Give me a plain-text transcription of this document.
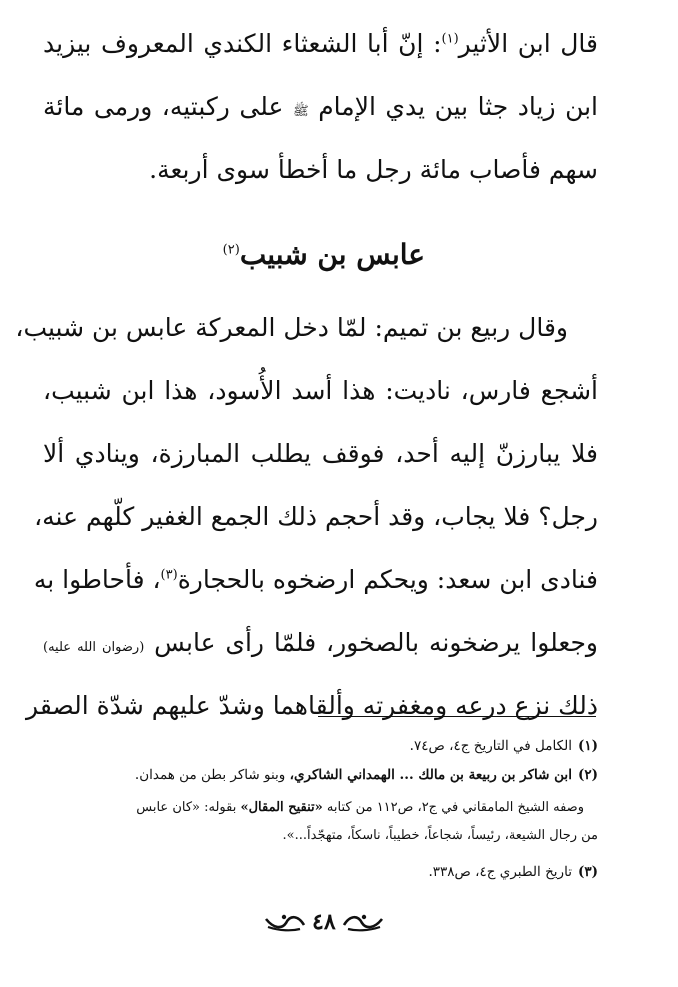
قال ابن الأثير$^{(١)}$: إنّ أبا الشعثاء الكندي المعروف بيزيد
ابن زياد جثا بين يدي الإمام ﷺ على ركبتيه، ورمى مائة
سهم فأصاب مائة رجل ما أخطأ سوى أربعة.
عابس بن شبيب$^{(٢)}$
وقال ربيع بن تميم: لمّا دخل المعركة عابس بن شبيب،
أشجع فارس، ناديت: هذا أسد الأُسود، هذا ابن شبيب،
فلا يبارزنّ إليه أحد، فوقف يطلب المبارزة، وينادي ألا
رجل؟ فلا يجاب، وقد أحجم ذلك الجمع الغفير كلّهم عنه،
فنادى ابن سعد: ويحكم ارضخوه بالحجارة$^{(٣)}$، فأحاطوا به
وجعلوا يرضخونه بالصخور، فلمّا رأى عابس (رضوان الله عليه)
ذلك نزع درعه ومغفرته وألقاهما وشدّ عليهم شدّة الصقر
(١)الكامل في التاريخ ج٤، ص٧٤.
(٢)ابن شاكر بن ربيعة بن مالك ... الهمداني الشاكري، وبنو شاكر بطن من همدان.
وصفه الشيخ المامقاني في ج٢، ص١١٢ من كتابه «تنقيح المقال» بقوله: «كان عابس
من رجال الشيعة، رئيساً، شجاعاً، خطيباً، ناسكاً، متهجّداً...».
(٣)تاريخ الطبري ج٤، ص٣٣٨.
٤٨
